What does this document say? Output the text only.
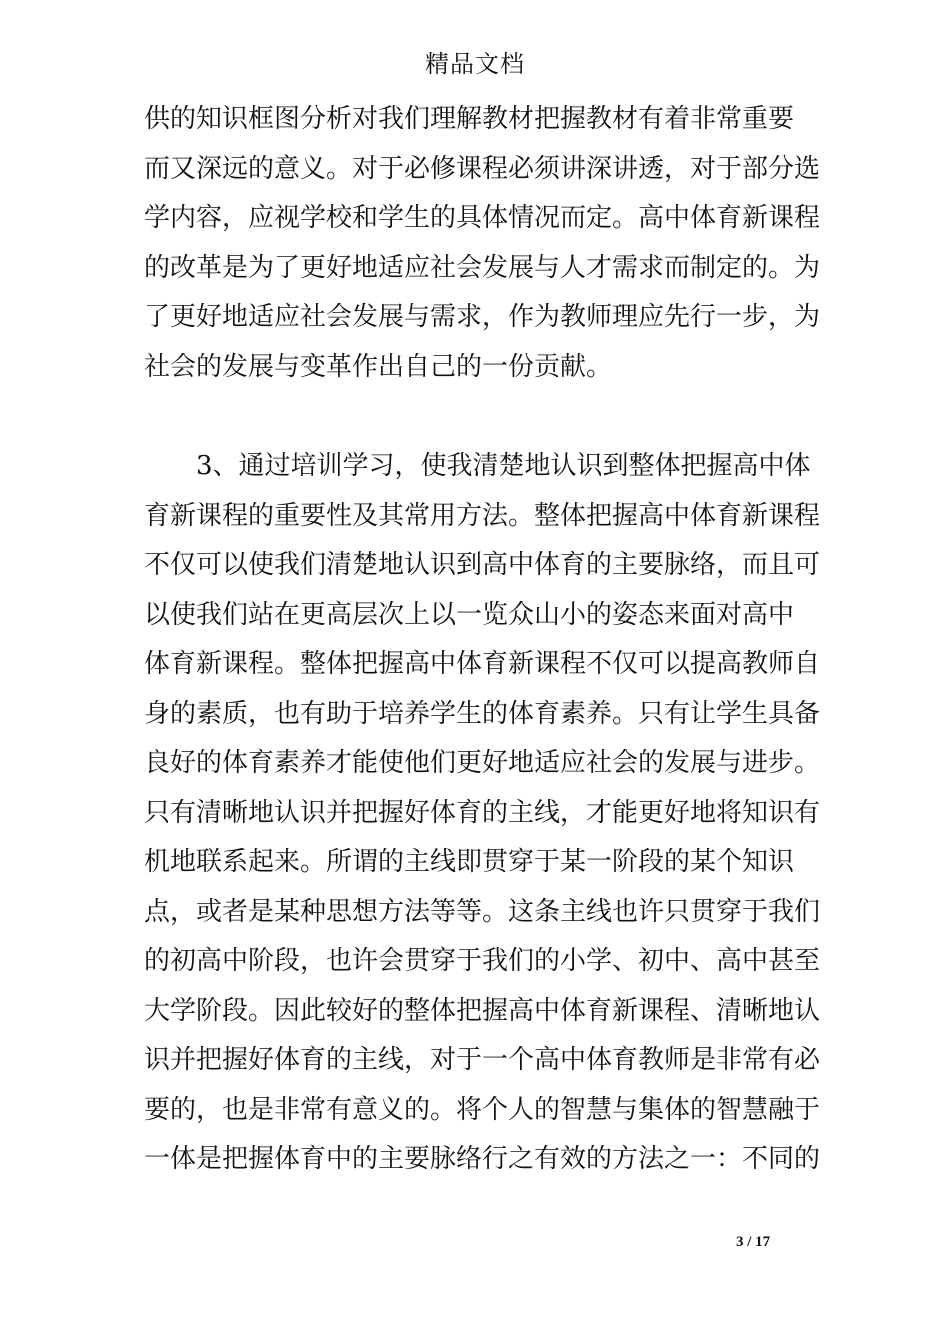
精品文档
供的知识框图分析对我们理解教材把握教材有着非常重要
而又深远的意义。对于必修课程必须讲深讲透，对于部分选
学内容，应视学校和学生的具体情况而定。高中体育新课程
的改革是为了更好地适应社会发展与人才需求而制定的。为
了更好地适应社会发展与需求，作为教师理应先行一步，为
社会的发展与变革作出自己的一份贡献。
3、通过培训学习，使我清楚地认识到整体把握高中体
育新课程的重要性及其常用方法。整体把握高中体育新课程
不仅可以使我们清楚地认识到高中体育的主要脉络，而且可
以使我们站在更高层次上以一览众山小的姿态来面对高中
体育新课程。整体把握高中体育新课程不仅可以提高教师自
身的素质，也有助于培养学生的体育素养。只有让学生具备
良好的体育素养才能使他们更好地适应社会的发展与进步。
只有清晰地认识并把握好体育的主线，才能更好地将知识有
机地联系起来。所谓的主线即贯穿于某一阶段的某个知识
点，或者是某种思想方法等等。这条主线也许只贯穿于我们
的初高中阶段，也许会贯穿于我们的小学、初中、高中甚至
大学阶段。因此较好的整体把握高中体育新课程、清晰地认
识并把握好体育的主线，对于一个高中体育教师是非常有必
要的，也是非常有意义的。将个人的智慧与集体的智慧融于
一体是把握体育中的主要脉络行之有效的方法之一：不同的
3 / 17
